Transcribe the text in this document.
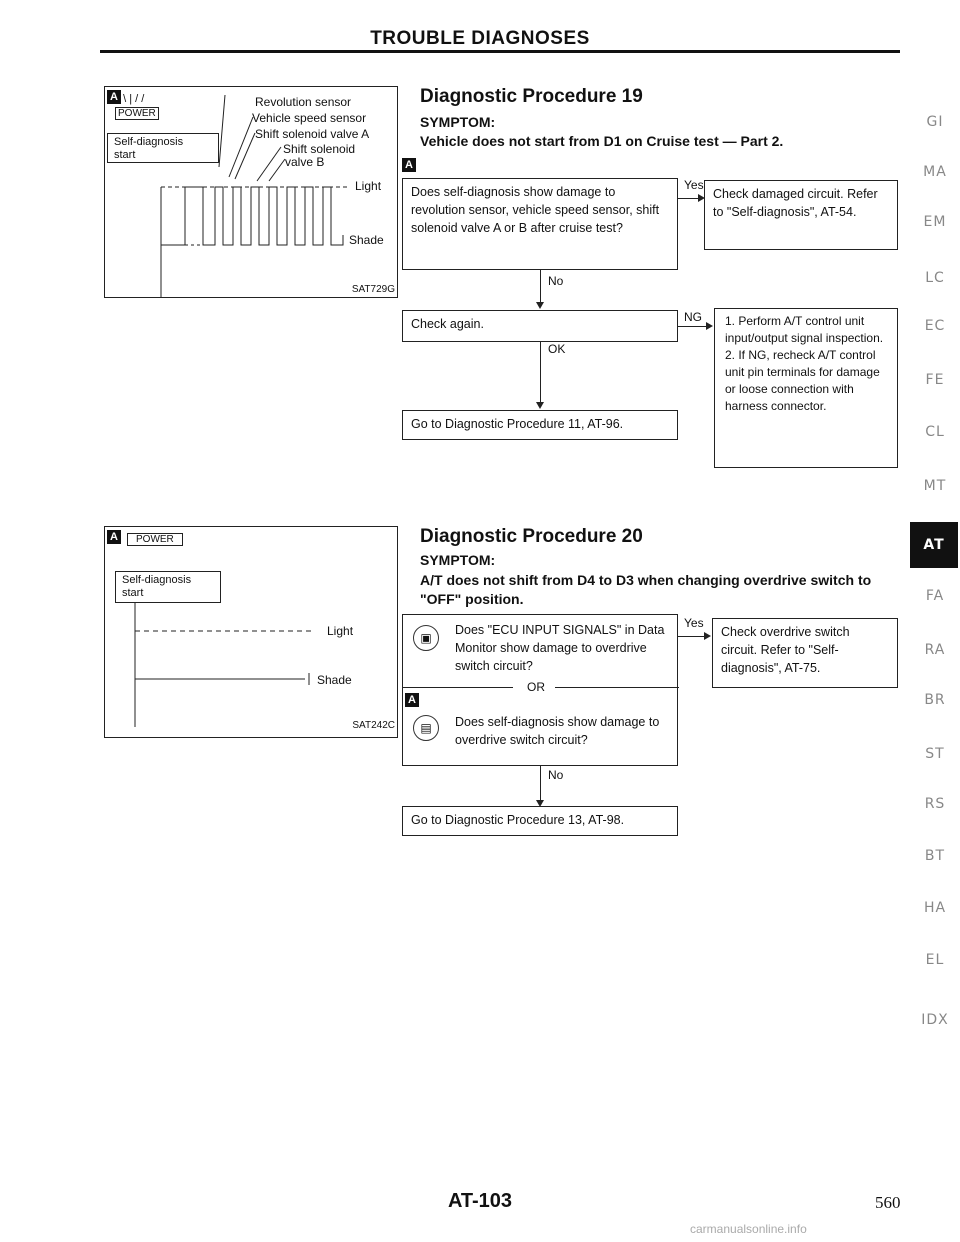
TROUBLE DIAGNOSES
A \ \ | / /
POWER
Self-diagnosis
start
Revolution sensor
Vehicle speed sensor
Shift solenoid valve A
Shift solenoid
valve B
Light
Shade
SAT729G
Diagnostic Procedure 19
SYMPTOM:
Vehicle does not start from D1 on Cruise test — Part 2.
A
Does self-diagnosis show damage to revolution sensor, vehicle speed sensor, shift solenoid valve A or B after cruise test?
Yes
Check damaged circuit. Refer to "Self-diagnosis", AT-54.
No
Check again.	NG 1. Perform A/T control unit input/output signal inspection.
2. If NG, recheck A/T control unit pin terminals for damage or loose connection with harness connector.
OK
Go to Diagnostic Procedure 11, AT-96.
A	POWER
Self-diagnosis
start
Light
Shade
SAT242C
Diagnostic Procedure 20
SYMPTOM:
A/T does not shift from D4 to D3 when changing overdrive switch to "OFF" position.
▣
Does "ECU INPUT SIGNALS" in Data Monitor show damage to overdrive switch circuit?
OR
A
▤	Does self-diagnosis show damage to overdrive switch circuit?
Yes
Check overdrive switch circuit. Refer to "Self-diagnosis", AT-75.
No
Go to Diagnostic Procedure 13, AT-98.
GI
MA
EM
LC
EC
FE
CL
MT
AT
FA
RA
BR
ST
RS
BT
HA
EL
IDX
AT-103	560
carmanualsonline.info
